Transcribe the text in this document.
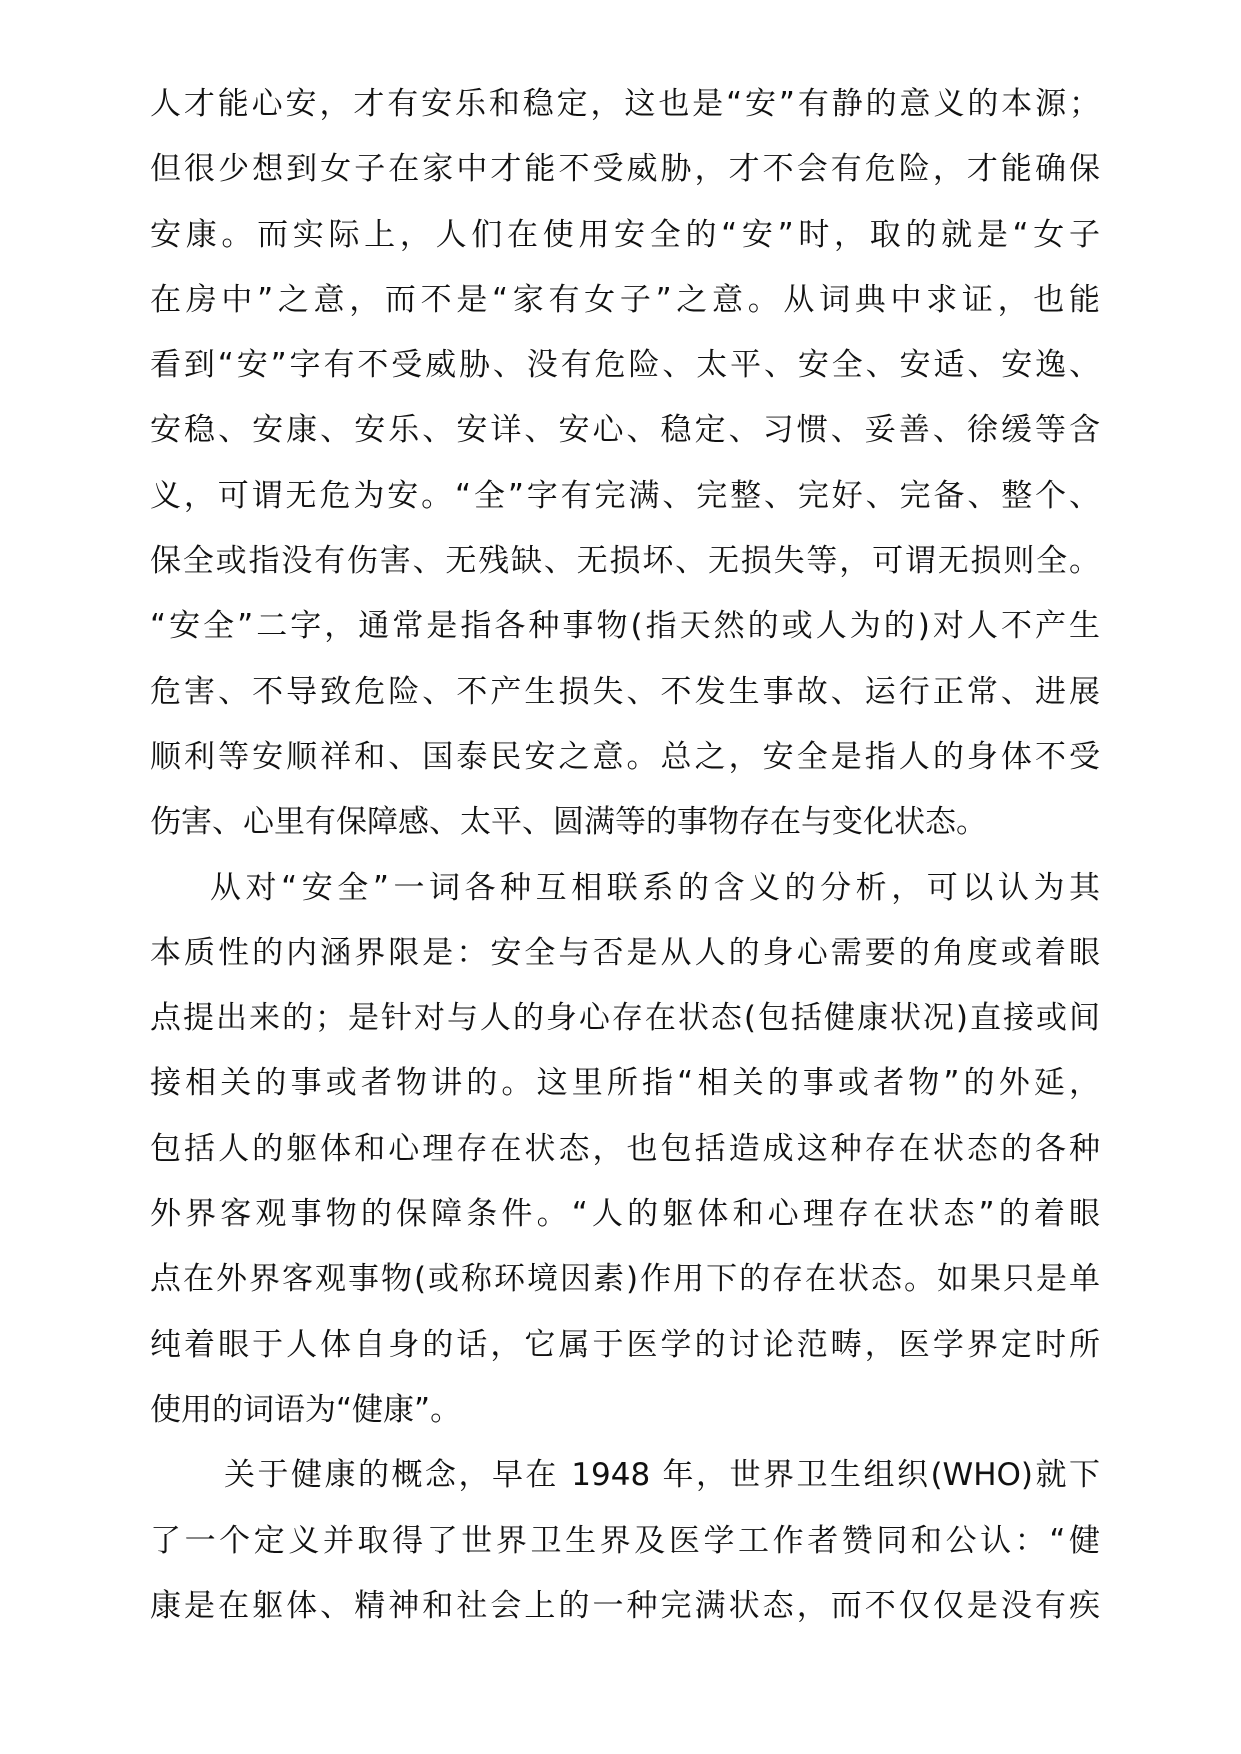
人才能心安，才有安乐和稳定，这也是“安”有静的意义的本源；
但很少想到女子在家中才能不受威胁，才不会有危险，才能确保
安康。而实际上，人们在使用安全的“安”时，取的就是“女子
在房中”之意，而不是“家有女子”之意。从词典中求证，也能
看到“安”字有不受威胁、没有危险、太平、安全、安适、安逸、
安稳、安康、安乐、安详、安心、稳定、习惯、妥善、徐缓等含
义，可谓无危为安。“全”字有完满、完整、完好、完备、整个、
保全或指没有伤害、无残缺、无损坏、无损失等，可谓无损则全。
“安全”二字，通常是指各种事物(指天然的或人为的)对人不产生
危害、不导致危险、不产生损失、不发生事故、运行正常、进展
顺利等安顺祥和、国泰民安之意。总之，安全是指人的身体不受
伤害、心里有保障感、太平、圆满等的事物存在与变化状态。
从对“安全”一词各种互相联系的含义的分析，可以认为其
本质性的内涵界限是：安全与否是从人的身心需要的角度或着眼
点提出来的；是针对与人的身心存在状态(包括健康状况)直接或间
接相关的事或者物讲的。这里所指“相关的事或者物”的外延，
包括人的躯体和心理存在状态，也包括造成这种存在状态的各种
外界客观事物的保障条件。“人的躯体和心理存在状态”的着眼
点在外界客观事物(或称环境因素)作用下的存在状态。如果只是单
纯着眼于人体自身的话，它属于医学的讨论范畴，医学界定时所
使用的词语为“健康”。
关于健康的概念，早在 1948 年，世界卫生组织(WHO)就下
了一个定义并取得了世界卫生界及医学工作者赞同和公认：“健
康是在躯体、精神和社会上的一种完满状态，而不仅仅是没有疾
